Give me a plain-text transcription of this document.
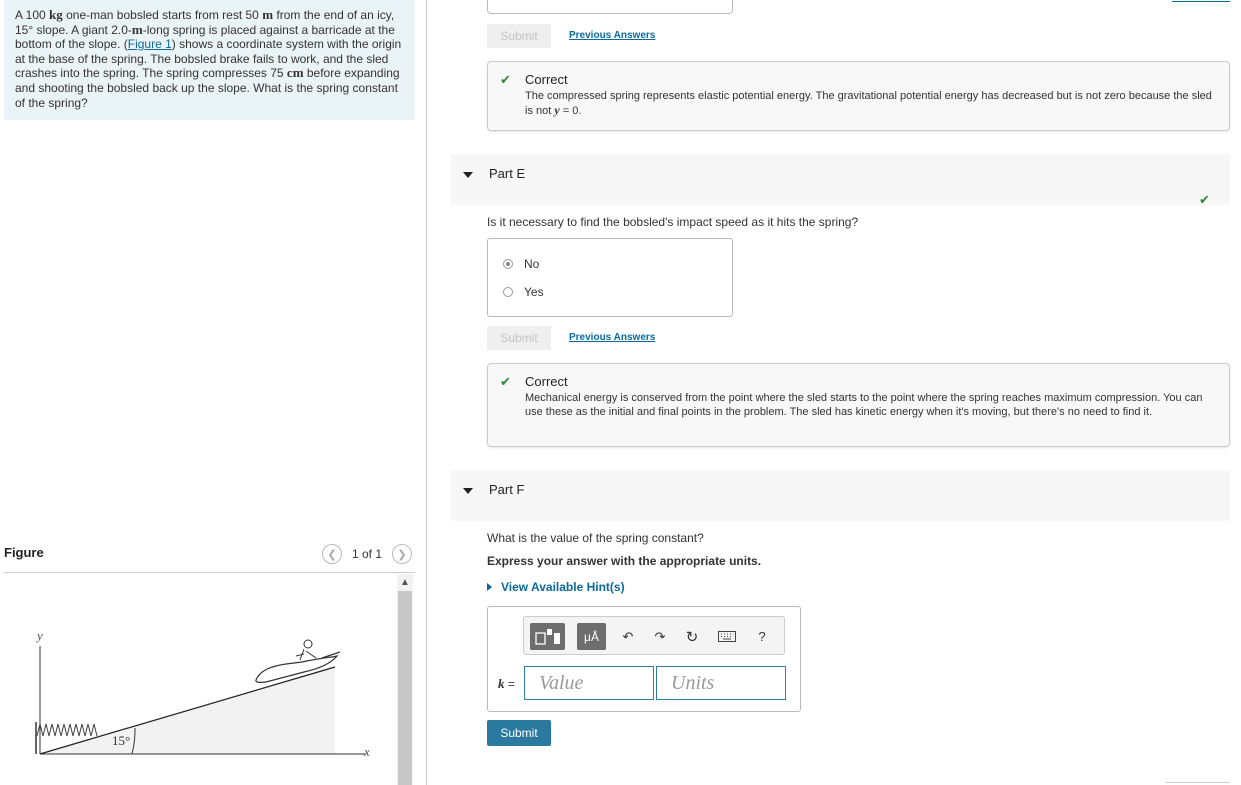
A 100 kg one-man bobsled starts from rest 50 m from the end of an icy, 15° slope. A giant 2.0-m-long spring is placed against a barricade at the bottom of the slope. (Figure 1) shows a coordinate system with the origin at the base of the spring. The bobsled brake fails to work, and the sled crashes into the spring. The spring compresses 75 cm before expanding and shooting the bobsled back up the slope. What is the spring constant of the spring?
Figure	❮	1 of 1	❯
y
x
15°
▲
Submit	Previous Answers
✔ Correct
The compressed spring represents elastic potential energy. The gravitational potential energy has decreased but is not zero because the sled is not y = 0.
Part E
✔
Is it necessary to find the bobsled's impact speed as it hits the spring?
No
Yes
Submit	Previous Answers
✔ Correct
Mechanical energy is conserved from the point where the sled starts to the point where the spring reaches maximum compression. You can use these as the initial and final points in the problem. The sled has kinetic energy when it's moving, but there's no need to find it.
Part F
What is the value of the spring constant?
Express your answer with the appropriate units.
View Available Hint(s)
μÅ	↶	↷	↻	?
k =	Value	Units
Submit
